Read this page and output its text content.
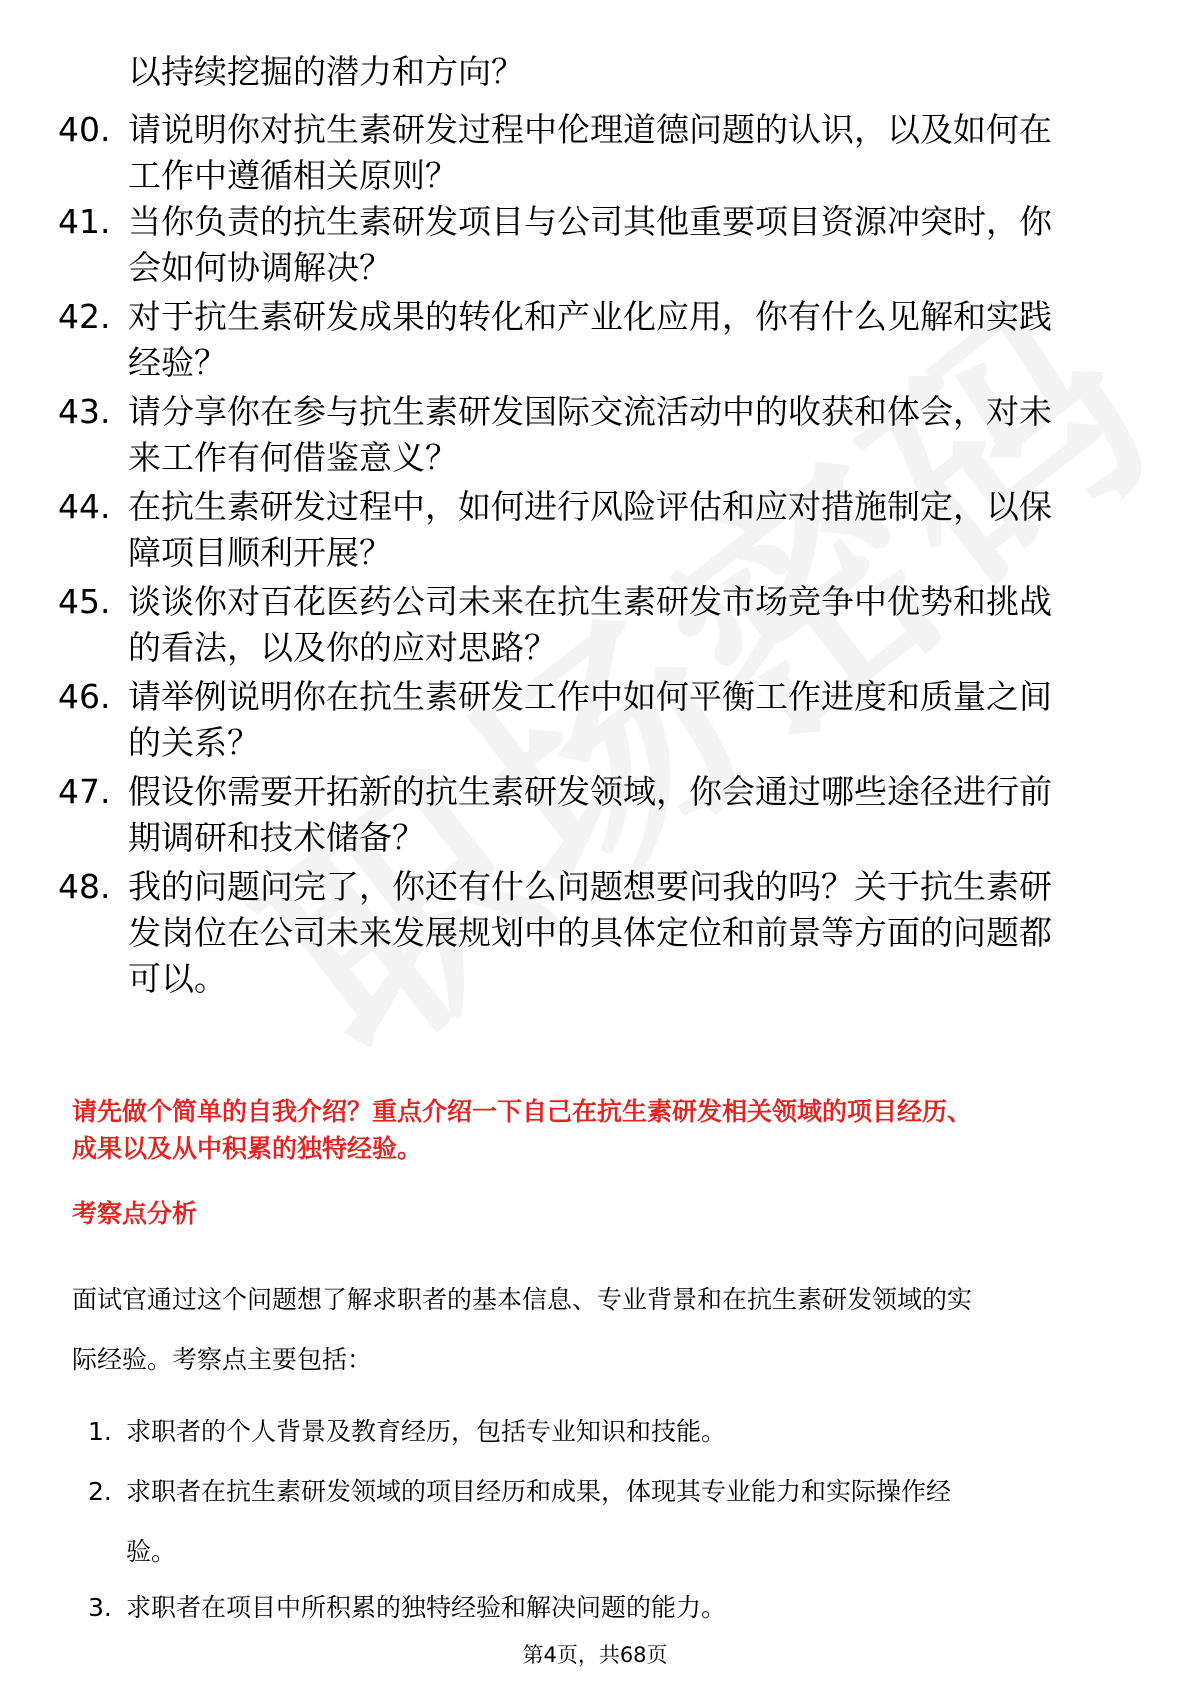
以持续挖掘的潜力和方向？
40. 请说明你对抗生素研发过程中伦理道德问题的认识，以及如何在
工作中遵循相关原则？
41. 当你负责的抗生素研发项目与公司其他重要项目资源冲突时，你
会如何协调解决？
42. 对于抗生素研发成果的转化和产业化应用，你有什么见解和实践
经验？
43. 请分享你在参与抗生素研发国际交流活动中的收获和体会，对未
来工作有何借鉴意义？
44. 在抗生素研发过程中，如何进行风险评估和应对措施制定，以保
障项目顺利开展？
45. 谈谈你对百花医药公司未来在抗生素研发市场竞争中优势和挑战
的看法，以及你的应对思路？
46. 请举例说明你在抗生素研发工作中如何平衡工作进度和质量之间
的关系？
47. 假设你需要开拓新的抗生素研发领域，你会通过哪些途径进行前
期调研和技术储备？
48. 我的问题问完了，你还有什么问题想要问我的吗？关于抗生素研
发岗位在公司未来发展规划中的具体定位和前景等方面的问题都
可以。
请先做个简单的自我介绍？重点介绍一下自己在抗生素研发相关领域的项目经历、
成果以及从中积累的独特经验。
考察点分析
面试官通过这个问题想了解求职者的基本信息、专业背景和在抗生素研发领域的实
际经验。考察点主要包括：
1. 求职者的个人背景及教育经历，包括专业知识和技能。
2. 求职者在抗生素研发领域的项目经历和成果，体现其专业能力和实际操作经
验。
3. 求职者在项目中所积累的独特经验和解决问题的能力。
第4页，共68页
